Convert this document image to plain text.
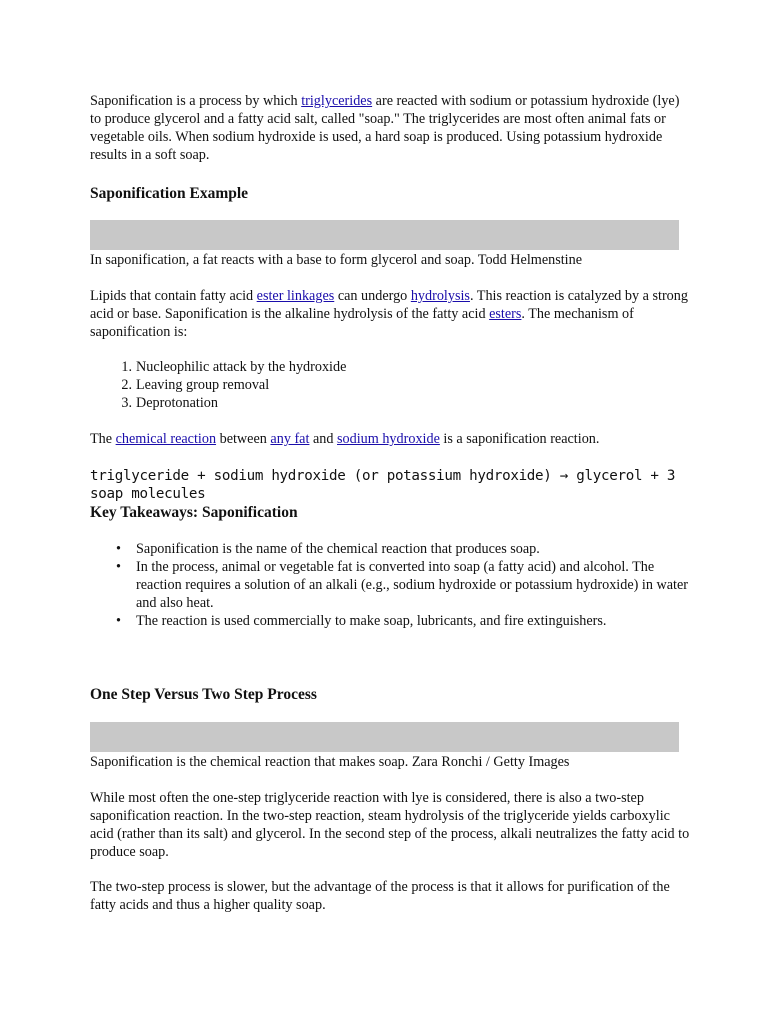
Saponification is a process by which triglycerides are reacted with sodium or potassium hydroxide (lye) to produce glycerol and a fatty acid salt, called "soap." The triglycerides are most often animal fats or vegetable oils. When sodium hydroxide is used, a hard soap is produced. Using potassium hydroxide results in a soft soap.

Saponification Example

In saponification, a fat reacts with a base to form glycerol and soap. Todd Helmenstine

Lipids that contain fatty acid ester linkages can undergo hydrolysis. This reaction is catalyzed by a strong acid or base. Saponification is the alkaline hydrolysis of the fatty acid esters. The mechanism of saponification is:

1. Nucleophilic attack by the hydroxide
2. Leaving group removal
3. Deprotonation

The chemical reaction between any fat and sodium hydroxide is a saponification reaction.

triglyceride + sodium hydroxide (or potassium hydroxide) → glycerol + 3 soap molecules

Key Takeaways: Saponification
• Saponification is the name of the chemical reaction that produces soap.
• In the process, animal or vegetable fat is converted into soap (a fatty acid) and alcohol. The reaction requires a solution of an alkali (e.g., sodium hydroxide or potassium hydroxide) in water and also heat.
• The reaction is used commercially to make soap, lubricants, and fire extinguishers.
One Step Versus Two Step Process

Saponification is the chemical reaction that makes soap. Zara Ronchi / Getty Images

While most often the one-step triglyceride reaction with lye is considered, there is also a two-step saponification reaction. In the two-step reaction, steam hydrolysis of the triglyceride yields carboxylic acid (rather than its salt) and glycerol. In the second step of the process, alkali neutralizes the fatty acid to produce soap.

The two-step process is slower, but the advantage of the process is that it allows for purification of the fatty acids and thus a higher quality soap.
